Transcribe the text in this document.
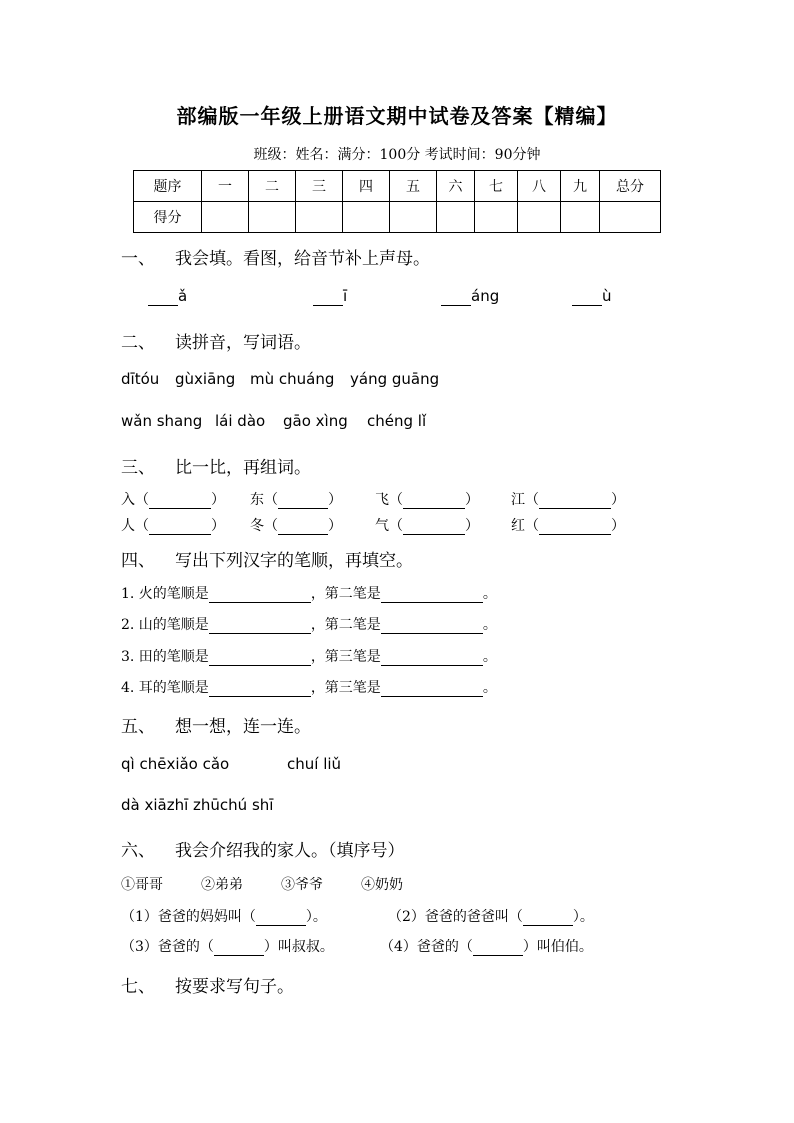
部编版一年级上册语文期中试卷及答案【精编】
班级：姓名：满分：100分 考试时间：90分钟
题序	一	二	三	四	五	六	七	八	九	总分
得分										
一、 我会填。看图，给音节补上声母。
ǎ	ī	áng	ù
二、 读拼音，写词语。
dītóu gùxiāng mù chuáng yáng guāng
wǎn shang lái dào gāo xìng chéng lǐ
三、 比一比，再组词。
入（	） 东（	） 飞（	） 江（	）
人（	） 冬（	） 气（	） 红（	）
四、 写出下列汉字的笔顺，再填空。
1. 火的笔顺是	，第二笔是	。
2. 山的笔顺是	，第二笔是	。
3. 田的笔顺是	，第三笔是	。
4. 耳的笔顺是	，第三笔是	。
五、 想一想，连一连。
qì chēxiǎo cǎo	chuí liǔ
dà xiāzhī zhūchú shī
六、 我会介绍我的家人。（填序号）
①哥哥	②弟弟	③爷爷	④奶奶
（1）爸爸的妈妈叫（	）。	（2）爸爸的爸爸叫（	）。
（3）爸爸的（	）叫叔叔。	（4）爸爸的（	）叫伯伯。
七、 按要求写句子。
